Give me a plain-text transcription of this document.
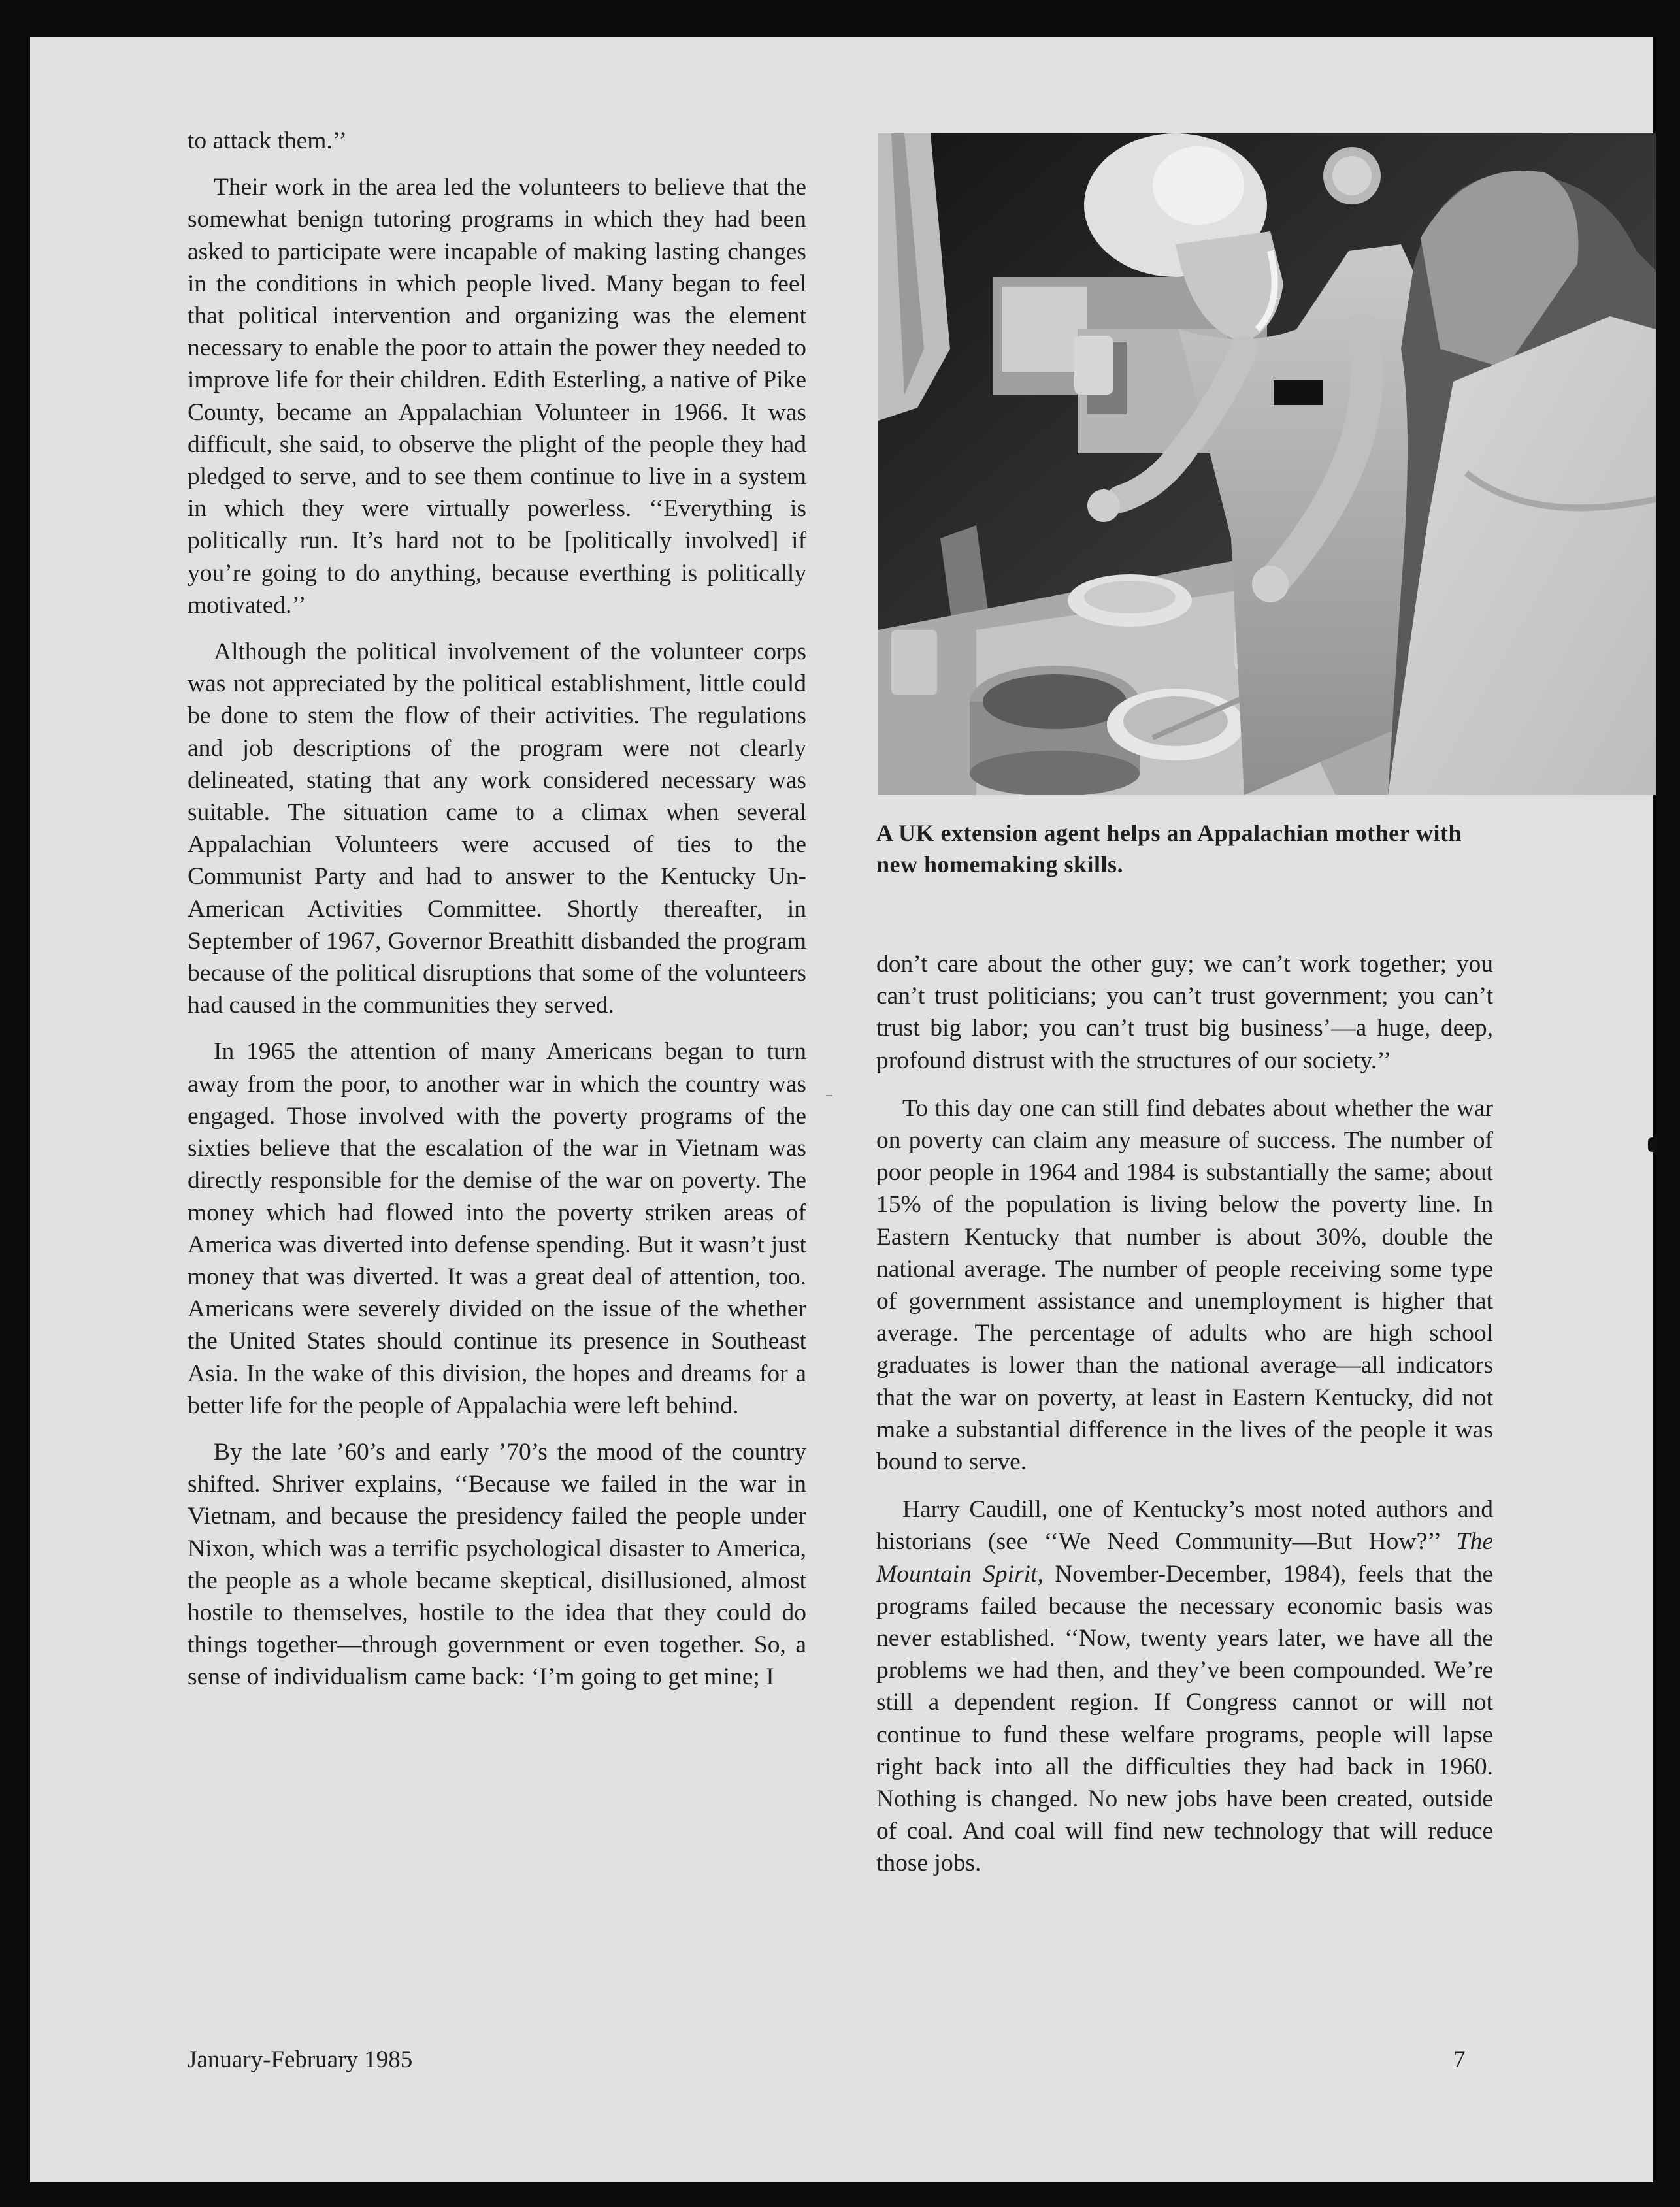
to attack them.’’

Their work in the area led the volunteers to believe that the somewhat benign tutoring programs in which they had been asked to participate were incapable of making lasting changes in the conditions in which people lived. Many began to feel that political intervention and organizing was the element necessary to enable the poor to attain the power they needed to improve life for their children. Edith Esterling, a native of Pike County, became an Appalachian Volunteer in 1966. It was difficult, she said, to observe the plight of the people they had pledged to serve, and to see them continue to live in a system in which they were virtually powerless. ‘‘Everything is politically run. It’s hard not to be [politically involved] if you’re going to do anything, because everthing is politically motivated.’’

Although the political involvement of the volunteer corps was not appreciated by the political establishment, little could be done to stem the flow of their activities. The regulations and job descriptions of the program were not clearly delineated, stating that any work considered necessary was suitable. The situation came to a climax when several Appalachian Volunteers were accused of ties to the Communist Party and had to answer to the Kentucky Un-American Activities Committee. Shortly thereafter, in September of 1967, Governor Breathitt disbanded the program because of the political disruptions that some of the volunteers had caused in the communities they served.

In 1965 the attention of many Americans began to turn away from the poor, to another war in which the country was engaged. Those involved with the poverty programs of the sixties believe that the escalation of the war in Vietnam was directly responsible for the demise of the war on poverty. The money which had flowed into the poverty striken areas of America was diverted into defense spending. But it wasn’t just money that was diverted. It was a great deal of attention, too. Americans were severely divided on the issue of the whether the United States should continue its presence in Southeast Asia. In the wake of this division, the hopes and dreams for a better life for the people of Appalachia were left behind.

By the late ’60’s and early ’70’s the mood of the country shifted. Shriver explains, ‘‘Because we failed in the war in Vietnam, and because the presidency failed the people under Nixon, which was a terrific psychological disaster to America, the people as a whole became skeptical, disillusioned, almost hostile to themselves, hostile to the idea that they could do things together—through government or even together. So, a sense of individualism came back: ‘I’m going to get mine; I

A UK extension agent helps an Appalachian mother with new homemaking skills.

don’t care about the other guy; we can’t work together; you can’t trust politicians; you can’t trust government; you can’t trust big labor; you can’t trust big business’—a huge, deep, profound distrust with the structures of our society.’’

To this day one can still find debates about whether the war on poverty can claim any measure of success. The number of poor people in 1964 and 1984 is substantially the same; about 15% of the population is living below the poverty line. In Eastern Kentucky that number is about 30%, double the national average. The number of people receiving some type of government assistance and unemployment is higher that average. The percentage of adults who are high school graduates is lower than the national average—all indicators that the war on poverty, at least in Eastern Kentucky, did not make a substantial difference in the lives of the people it was bound to serve.

Harry Caudill, one of Kentucky’s most noted authors and historians (see ‘‘We Need Community—But How?’’ The Mountain Spirit, November-December, 1984), feels that the programs failed because the necessary economic basis was never established. ‘‘Now, twenty years later, we have all the problems we had then, and they’ve been compounded. We’re still a dependent region. If Congress cannot or will not continue to fund these welfare programs, people will lapse right back into all the difficulties they had back in 1960. Nothing is changed. No new jobs have been created, outside of coal. And coal will find new technology that will reduce those jobs.

January-February 1985	7
